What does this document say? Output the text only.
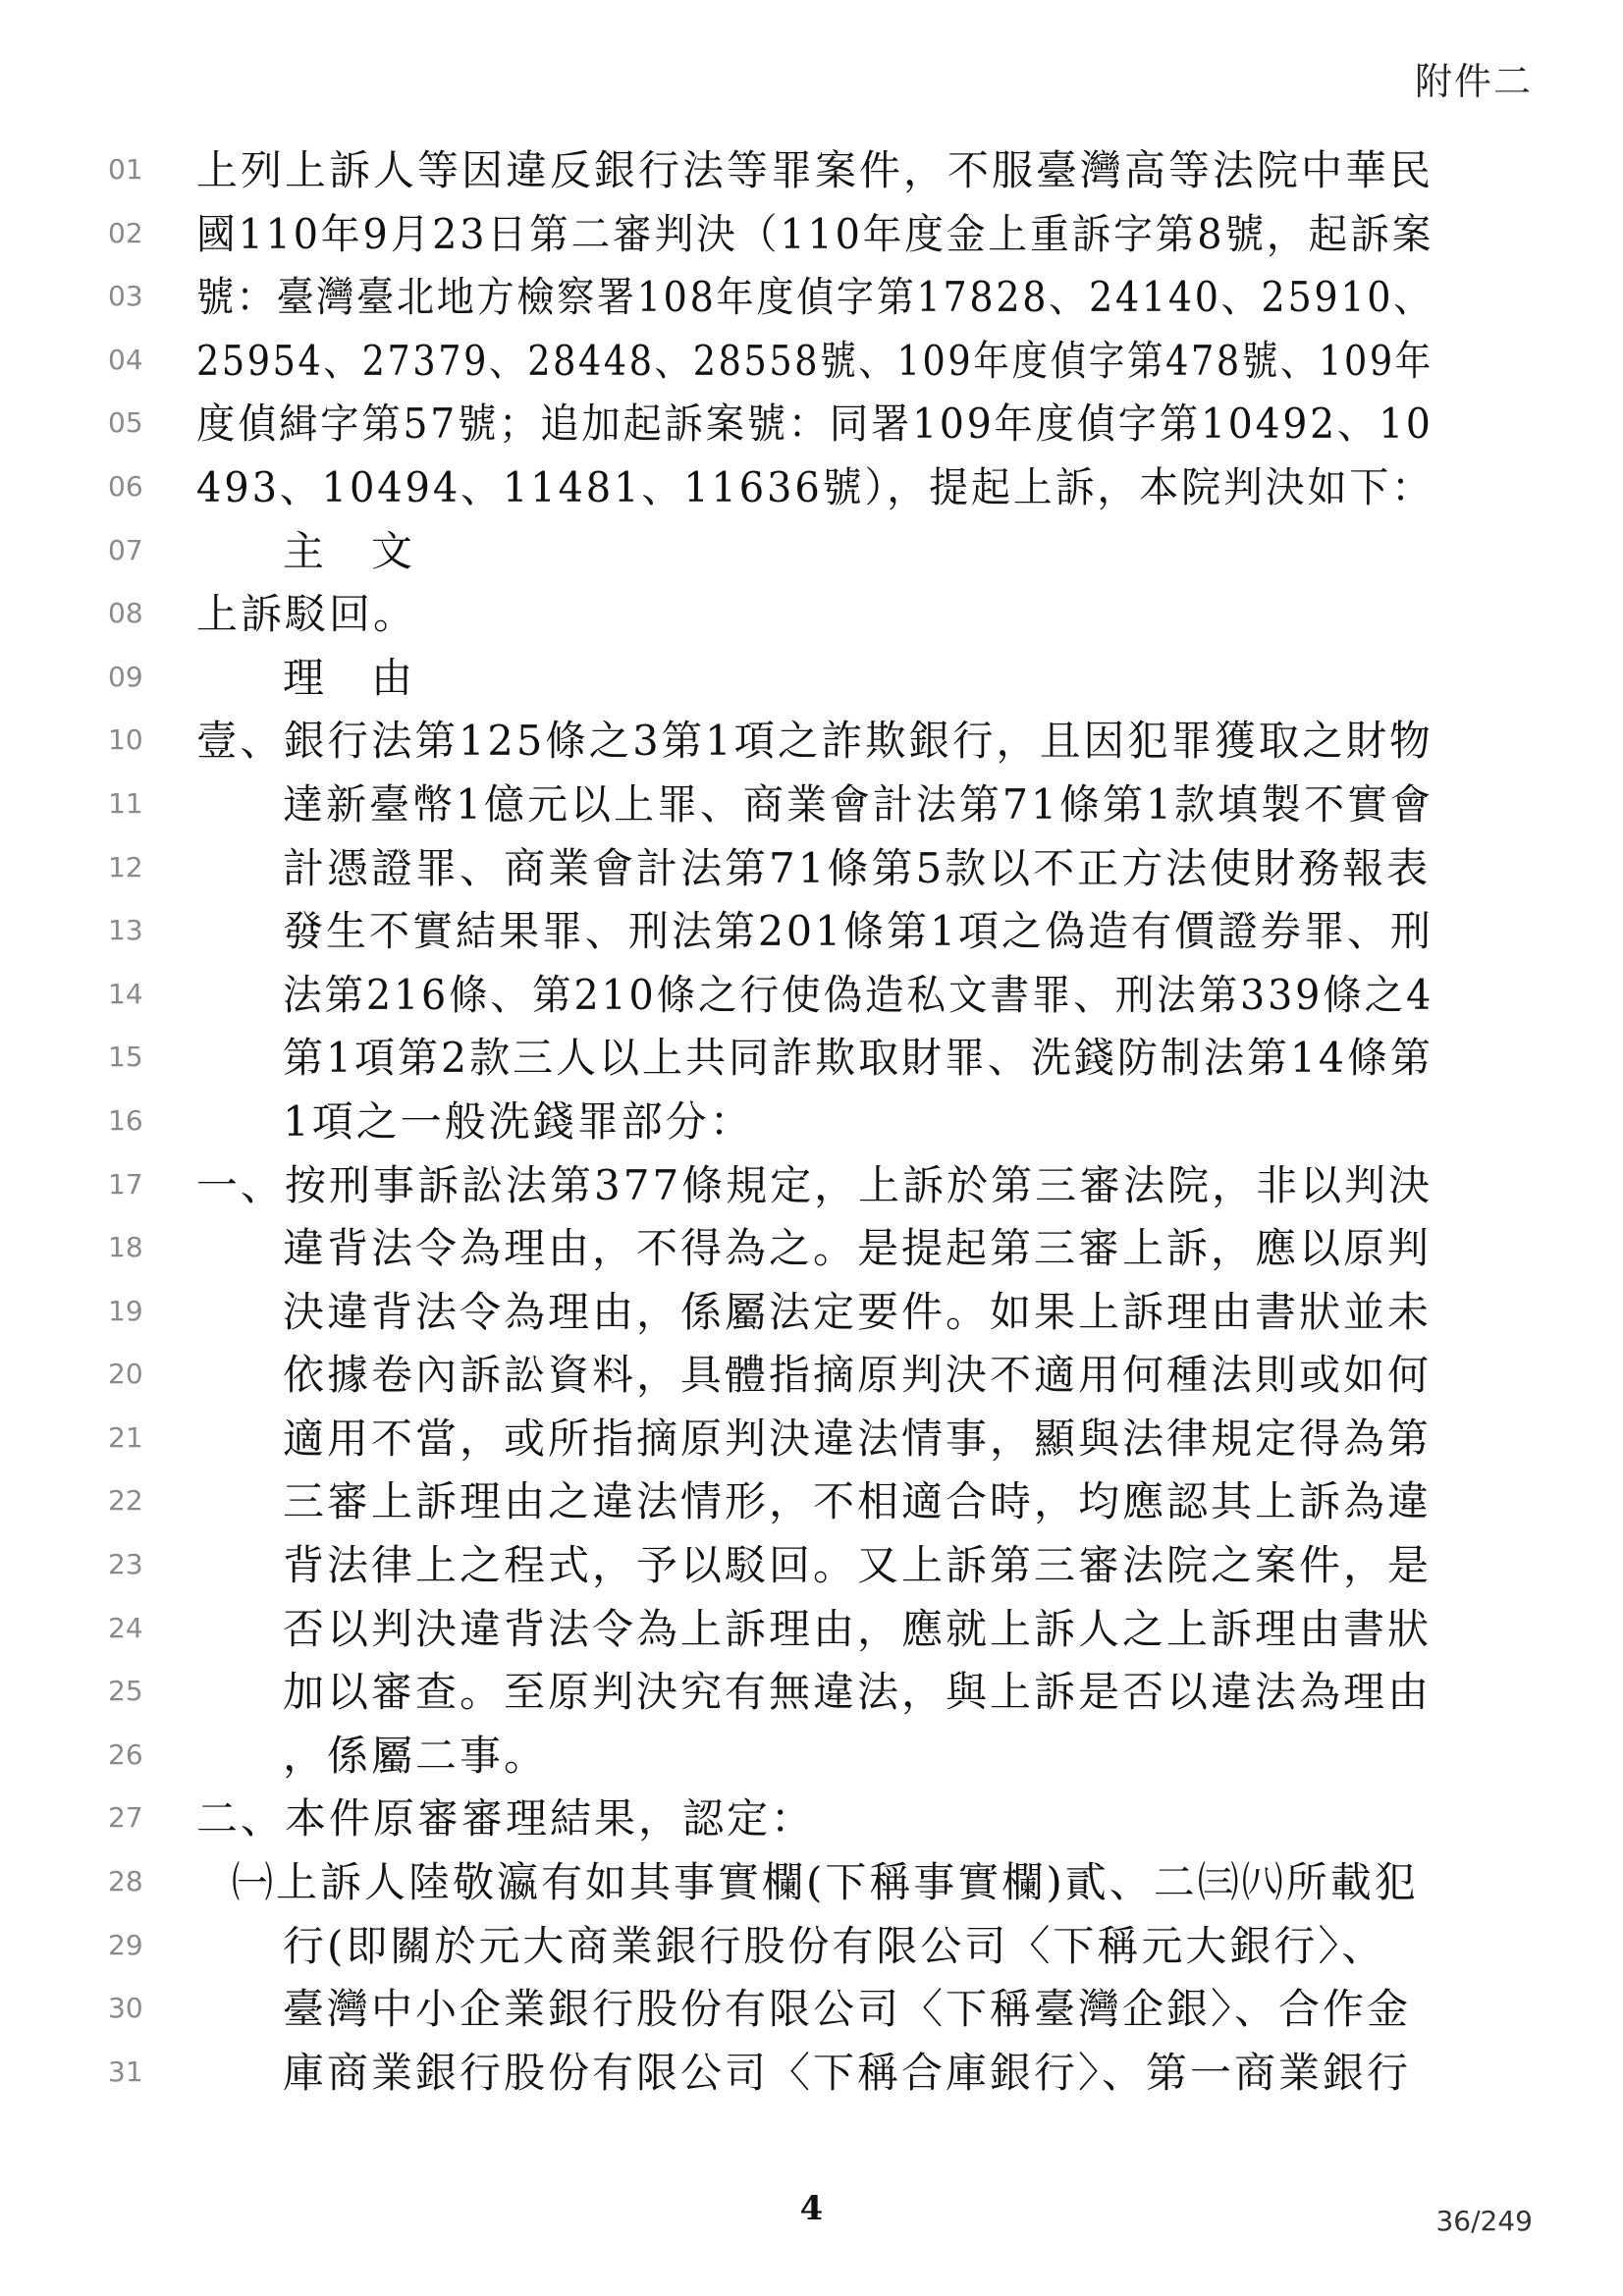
附件二
01 上列上訴人等因違反銀行法等罪案件，不服臺灣高等法院中華民
02 國110年9月23日第二審判決（110年度金上重訴字第8號，起訴案
03 號：臺灣臺北地方檢察署108年度偵字第17828、24140、25910、
04 25954、27379、28448、28558號、109年度偵字第478號、109年
05 度偵緝字第57號；追加起訴案號：同署109年度偵字第10492、10
06 493、10494、11481、11636號），提起上訴，本院判決如下：
07	主　文
08 上訴駁回。
09	理　由
10 壹、銀行法第125條之3第1項之詐欺銀行，且因犯罪獲取之財物
11	達新臺幣1億元以上罪、商業會計法第71條第1款填製不實會
12	計憑證罪、商業會計法第71條第5款以不正方法使財務報表
13	發生不實結果罪、刑法第201條第1項之偽造有價證券罪、刑
14	法第216條、第210條之行使偽造私文書罪、刑法第339條之4
15	第1項第2款三人以上共同詐欺取財罪、洗錢防制法第14條第
16	1項之一般洗錢罪部分：
17 一、按刑事訴訟法第377條規定，上訴於第三審法院，非以判決
18	違背法令為理由，不得為之。是提起第三審上訴，應以原判
19	決違背法令為理由，係屬法定要件。如果上訴理由書狀並未
20	依據卷內訴訟資料，具體指摘原判決不適用何種法則或如何
21	適用不當，或所指摘原判決違法情事，顯與法律規定得為第
22	三審上訴理由之違法情形，不相適合時，均應認其上訴為違
23	背法律上之程式，予以駁回。又上訴第三審法院之案件，是
24	否以判決違背法令為上訴理由，應就上訴人之上訴理由書狀
25	加以審查。至原判決究有無違法，與上訴是否以違法為理由
26	，係屬二事。
27 二、本件原審審理結果，認定：
28 ㈠上訴人陸敬瀛有如其事實欄(下稱事實欄)貳、二㈢㈧所載犯
29	行(即關於元大商業銀行股份有限公司〈下稱元大銀行〉、
30	臺灣中小企業銀行股份有限公司〈下稱臺灣企銀〉、合作金
31	庫商業銀行股份有限公司〈下稱合庫銀行〉、第一商業銀行
4	36/249
